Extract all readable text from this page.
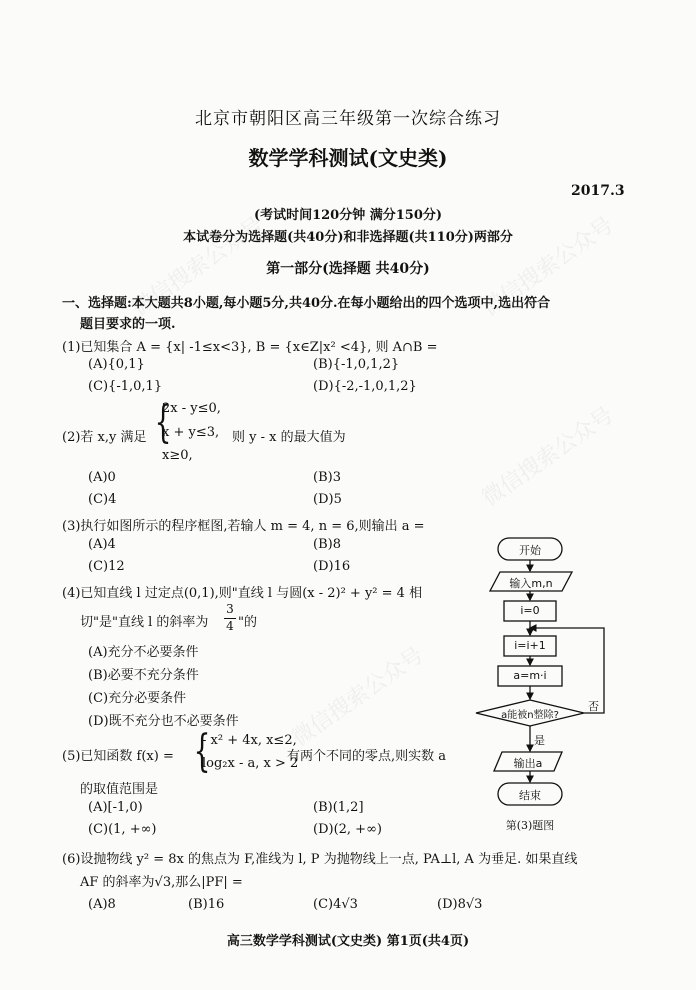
微信搜索公众号	微信搜索公众号
微信搜索公众号
微信搜索公众号
北京市朝阳区高三年级第一次综合练习
数学学科测试(文史类)
2017.3
(考试时间120分钟 满分150分)
本试卷分为选择题(共40分)和非选择题(共110分)两部分
第一部分(选择题 共40分)
一、选择题:本大题共8小题,每小题5分,共40分.在每小题给出的四个选项中,选出符合
题目要求的一项.
(1)已知集合 A = {x| -1≤x<3}, B = {x∈Z|x² <4}, 则 A∩B =
(A){0,1}	(B){-1,0,1,2}
(C){-1,0,1}	(D){-2,-1,0,1,2}
(2)若 x,y 满足 {
2x - y≤0,
x + y≤3,
x≥0,
则 y - x 的最大值为
(A)0	(B)3
(C)4	(D)5
(3)执行如图所示的程序框图,若输人 m = 4, n = 6,则输出 a =
(A)4	(B)8
(C)12	(D)16
(4)已知直线 l 过定点(0,1),则"直线 l 与圆(x - 2)² + y² = 4 相
切"是"直线 l 的斜率为
3
4 "的
(A)充分不必要条件
(B)必要不充分条件
(C)充分必要条件
(D)既不充分也不必要条件
(5)已知函数 f(x) = {
- x² + 4x, x≤2,
log₂x - a, x > 2
有两个不同的零点,则实数 a
的取值范围是
(A)[-1,0)	(B)(1,2]
(C)(1, +∞)	(D)(2, +∞)
(6)设抛物线 y² = 8x 的焦点为 F,准线为 l, P 为抛物线上一点, PA⊥l, A 为垂足. 如果直线
AF 的斜率为√3,那么|PF| =
(A)8	(B)16	(C)4√3	(D)8√3
高三数学学科测试(文史类) 第1页(共4页)
开始
输入m,n
i=0
i=i+1
a=m·i
a能被n整除?
否
是
输出a
结束
第(3)题图
